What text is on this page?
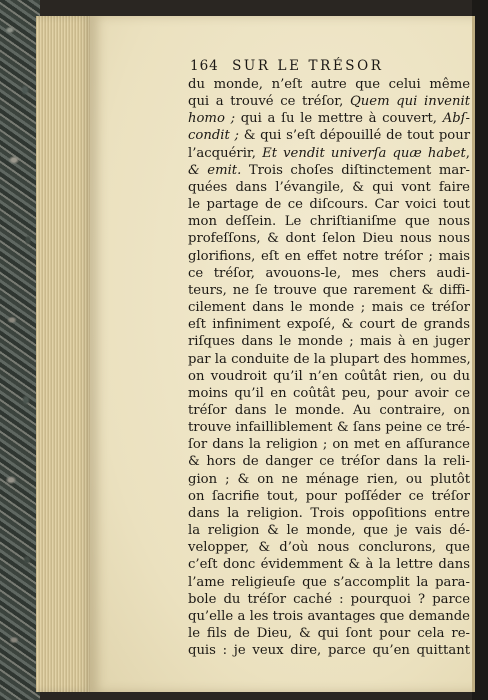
164 SUR LE TRÉSOR
du monde, n’eſt autre que celui même
qui a trouvé ce tréſor, Quem qui invenit
homo ; qui a ſu le mettre à couvert, Abſ-
condit ; & qui s’eſt dépouillé de tout pour
l’acquérir, Et vendit univerſa quæ habet,
& emit. Trois choſes diſtinctement mar-
quées dans l’évangile, & qui vont faire
le partage de ce diſcours. Car voici tout
mon deſſein. Le chriſtianiſme que nous
profeſſons, & dont ſelon Dieu nous nous
glorifions, eſt en effet notre tréſor ; mais
ce tréſor, avouons-le, mes chers audi-
teurs, ne ſe trouve que rarement & diffi-
cilement dans le monde ; mais ce tréſor
eſt infiniment expoſé, & court de grands
riſques dans le monde ; mais à en juger
par la conduite de la plupart des hommes,
on voudroit qu’il n’en coûtât rien, ou du
moins qu’il en coûtât peu, pour avoir ce
tréſor dans le monde. Au contraire, on
trouve infailliblement & ſans peine ce tré-
ſor dans la religion ; on met en aſſurance
& hors de danger ce tréſor dans la reli-
gion ; & on ne ménage rien, ou plutôt
on ſacrifie tout, pour poſſéder ce tréſor
dans la religion. Trois oppoſitions entre
la religion & le monde, que je vais dé-
velopper, & d’où nous conclurons, que
c’eſt donc évidemment & à la lettre dans
l’ame religieuſe que s’accomplit la para-
bole du tréſor caché : pourquoi ? parce
qu’elle a les trois avantages que demande
le fils de Dieu, & qui ſont pour cela re-
quis : je veux dire, parce qu’en quittant
